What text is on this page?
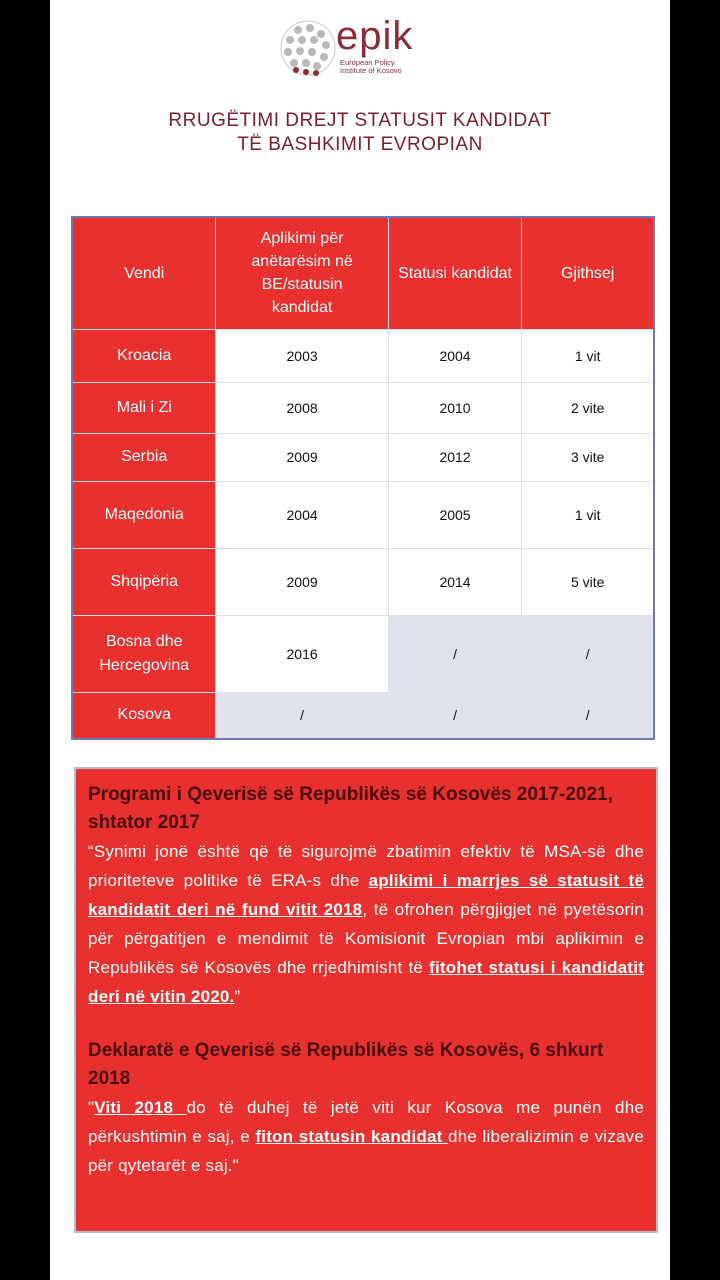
epik
European Policy
Institute of Kosovo
RRUGËTIMI DREJT STATUSIT KANDIDAT
TË BASHKIMIT EVROPIAN
Vendi	Aplikimi për anëtarësim në BE/statusin kandidat	Statusi kandidat	Gjithsej
Kroacia	2003	2004	1 vit
Mali i Zi	2008	2010	2 vite
Serbia	2009	2012	3 vite
Maqedonia	2004	2005	1 vit
Shqipëria	2009	2014	5 vite
Bosna dhe Hercegovina	2016	/	/
Kosova	/	/	/
Programi i Qeverisë së Republikës së Kosovës 2017-2021, shtator 2017
“Synimi jonë është që të sigurojmë zbatimin efektiv të MSA-së dhe prioriteteve politike të ERA-s dhe aplikimi i marrjes së statusit të kandidatit deri në fund vitit 2018, të ofrohen përgjigjet në pyetësorin për përgatitjen e mendimit të Komisionit Evropian mbi aplikimin e Republikës së Kosovës dhe rrjedhimisht të fitohet statusi i kandidatit deri në vitin 2020.”
Deklaratë e Qeverisë së Republikës së Kosovës, 6 shkurt 2018
"Viti 2018 do të duhej të jetë viti kur Kosova me punën dhe përkushtimin e saj, e fiton statusin kandidat dhe liberalizimin e vizave për qytetarët e saj."
